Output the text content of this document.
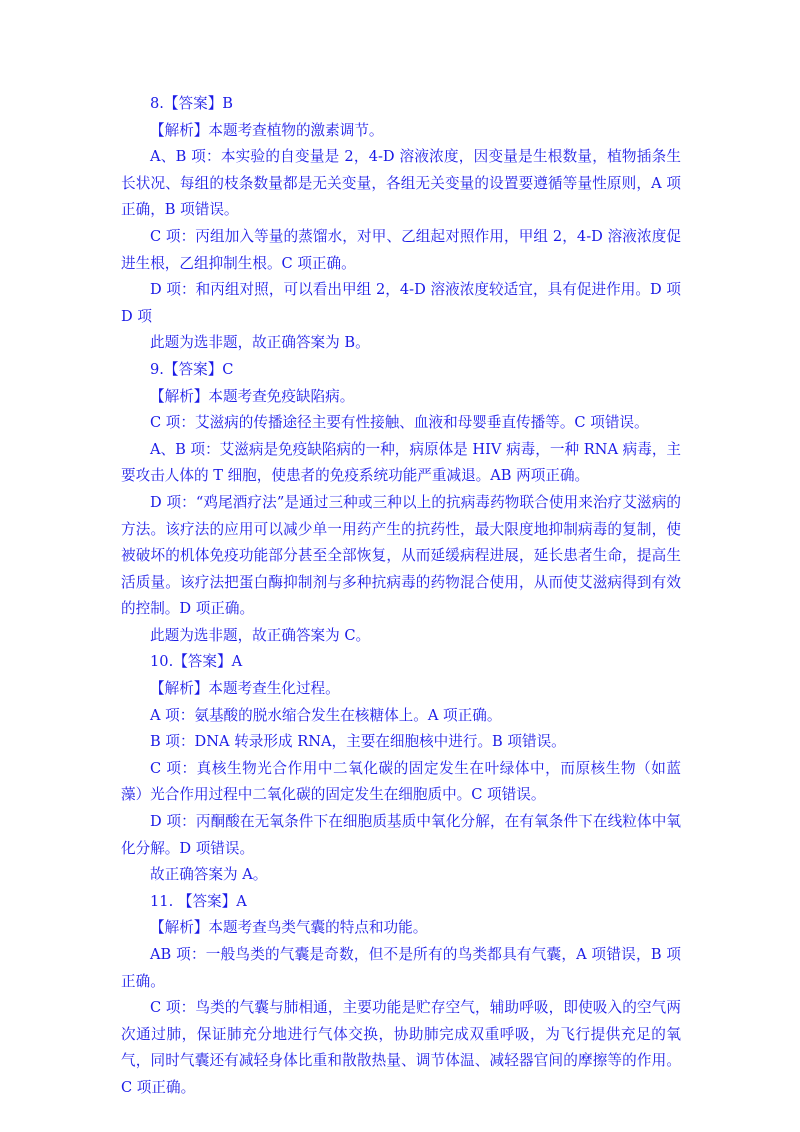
8.【答案】B

【解析】本题考查植物的激素调节。

A、B 项：本实验的自变量是 2，4-D 溶液浓度，因变量是生根数量，植物插条生长状况、每组的枝条数量都是无关变量，各组无关变量的设置要遵循等量性原则，A 项正确，B 项错误。

C 项：丙组加入等量的蒸馏水，对甲、乙组起对照作用，甲组 2，4-D 溶液浓度促进生根，乙组抑制生根。C 项正确。

D 项：和丙组对照，可以看出甲组 2，4-D 溶液浓度较适宜，具有促进作用。D 项D 项

此题为选非题，故正确答案为 B。

9.【答案】C

【解析】本题考查免疫缺陷病。

C 项：艾滋病的传播途径主要有性接触、血液和母婴垂直传播等。C 项错误。

A、B 项：艾滋病是免疫缺陷病的一种，病原体是 HIV 病毒，一种 RNA 病毒，主要攻击人体的 T 细胞，使患者的免疫系统功能严重减退。AB 两项正确。

D 项：“鸡尾酒疗法”是通过三种或三种以上的抗病毒药物联合使用来治疗艾滋病的方法。该疗法的应用可以减少单一用药产生的抗药性，最大限度地抑制病毒的复制，使被破坏的机体免疫功能部分甚至全部恢复，从而延缓病程进展，延长患者生命，提高生活质量。该疗法把蛋白酶抑制剂与多种抗病毒的药物混合使用，从而使艾滋病得到有效的控制。D 项正确。

此题为选非题，故正确答案为 C。

10.【答案】A

【解析】本题考查生化过程。

A 项：氨基酸的脱水缩合发生在核糖体上。A 项正确。

B 项：DNA 转录形成 RNA，主要在细胞核中进行。B 项错误。

C 项：真核生物光合作用中二氧化碳的固定发生在叶绿体中，而原核生物（如蓝藻）光合作用过程中二氧化碳的固定发生在细胞质中。C 项错误。

D 项：丙酮酸在无氧条件下在细胞质基质中氧化分解，在有氧条件下在线粒体中氧化分解。D 项错误。

故正确答案为 A。

11. 【答案】A

【解析】本题考查鸟类气囊的特点和功能。

AB 项：一般鸟类的气囊是奇数，但不是所有的鸟类都具有气囊，A 项错误，B 项正确。

C 项：鸟类的气囊与肺相通，主要功能是贮存空气，辅助呼吸，即使吸入的空气两次通过肺，保证肺充分地进行气体交换，协助肺完成双重呼吸，为飞行提供充足的氧气，同时气囊还有减轻身体比重和散散热量、调节体温、减轻器官间的摩擦等的作用。C 项正确。
